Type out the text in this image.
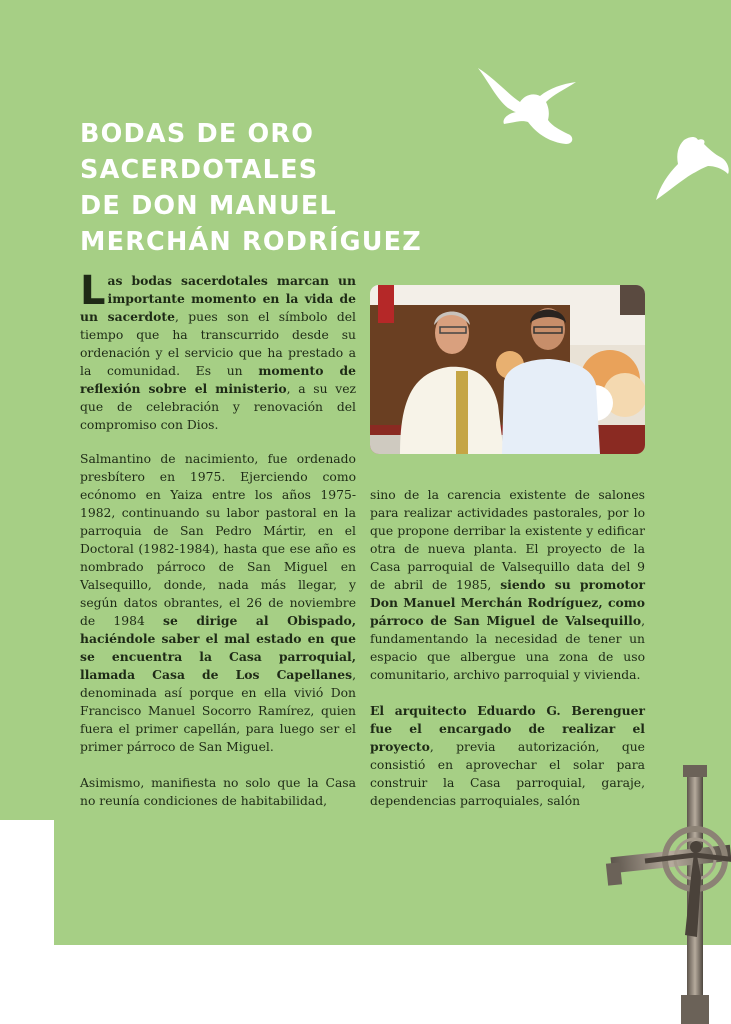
BODAS DE ORO
SACERDOTALES
DE DON MANUEL
MERCHÁN RODRÍGUEZ

Las bodas sacerdotales marcan un importante momento en la vida de un sacerdote, pues son el símbolo del tiempo que ha transcurrido desde su ordenación y el servicio que ha prestado a la comunidad. Es un momento de reflexión sobre el ministerio, a su vez que de celebración y renovación del compromiso con Dios.

Salmantino de nacimiento, fue ordenado presbítero en 1975. Ejerciendo como ecónomo en Yaiza entre los años 1975-1982, continuando su labor pastoral en la parroquia de San Pedro Mártir, en el Doctoral (1982-1984), hasta que ese año es nombrado párroco de San Miguel en Valsequillo, donde, nada más llegar, y según datos obrantes, el 26 de noviembre de 1984 se dirige al Obispado, haciéndole saber el mal estado en que se encuentra la Casa parroquial, llamada Casa de Los Capellanes, denominada así porque en ella vivió Don Francisco Manuel Socorro Ramírez, quien fuera el primer capellán, para luego ser el primer párroco de San Miguel.

Asimismo, manifiesta no solo que la Casa no reunía condiciones de habitabilidad,

sino de la carencia existente de salones para realizar actividades pastorales, por lo que propone derribar la existente y edificar otra de nueva planta. El proyecto de la Casa parroquial de Valsequillo data del 9 de abril de 1985, siendo su promotor Don Manuel Merchán Rodríguez, como párroco de San Miguel de Valsequillo, fundamentando la necesidad de tener un espacio que albergue una zona de uso comunitario, archivo parroquial y vivienda.

El arquitecto Eduardo G. Berenguer fue el encargado de realizar el proyecto, previa autorización, que consistió en aprovechar el solar para construir la Casa parroquial, garaje, dependencias parroquiales, salón
